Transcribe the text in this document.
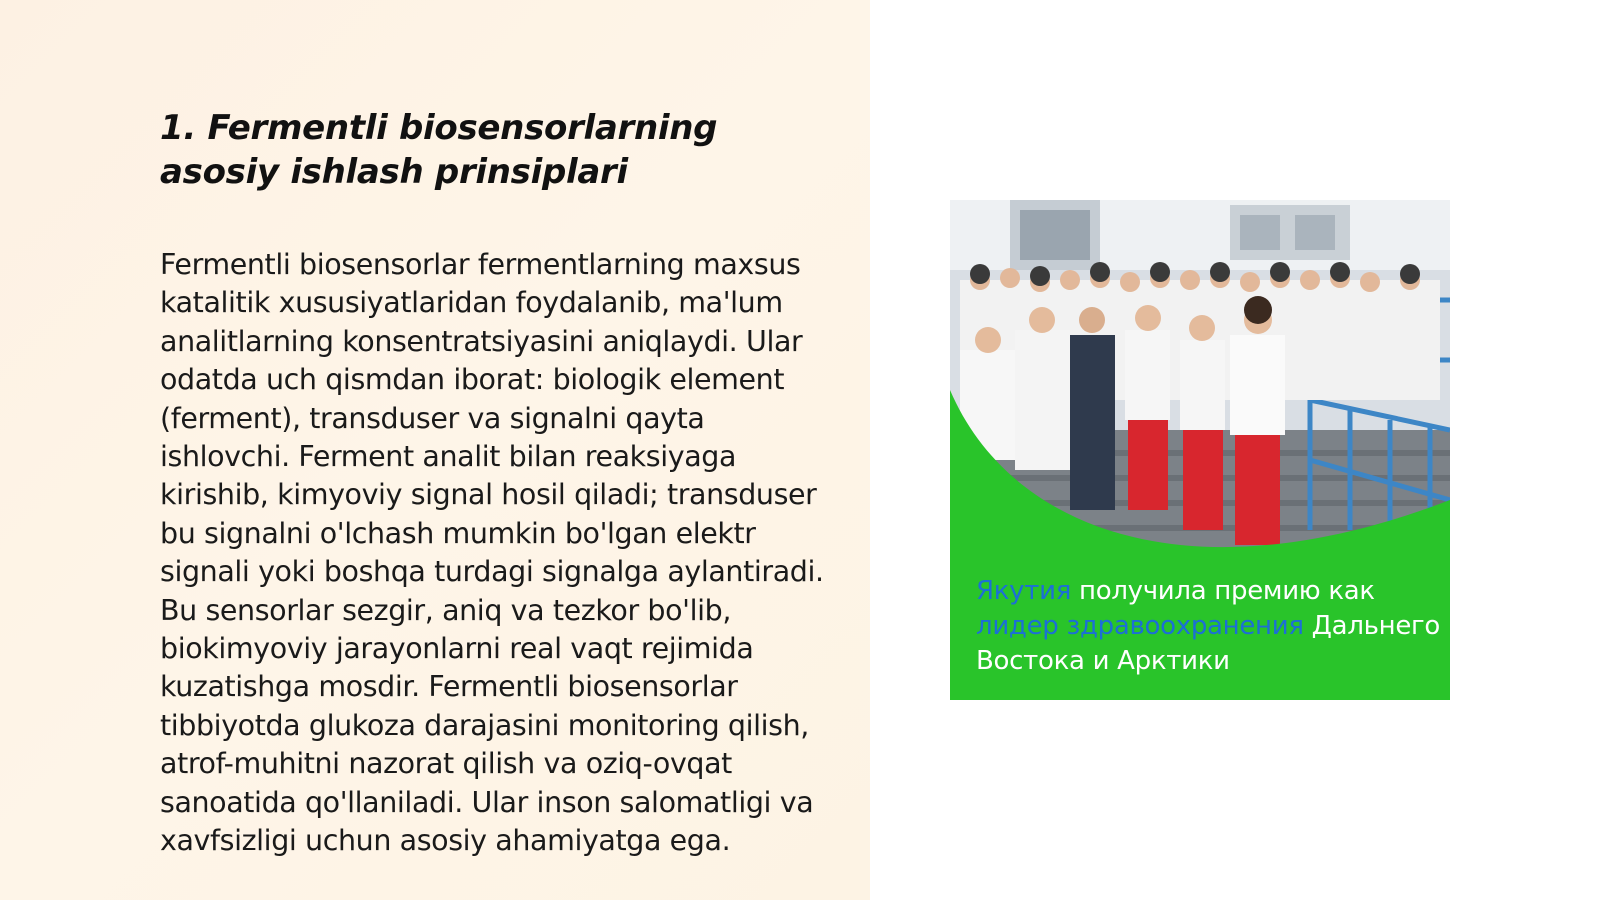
1. Fermentli biosensorlarning asosiy ishlash prinsiplari

Fermentli biosensorlar fermentlarning maxsus katalitik xususiyatlaridan foydalanib, ma'lum analitlarning konsentratsiyasini aniqlaydi. Ular odatda uch qismdan iborat: biologik element (ferment), transduser va signalni qayta ishlovchi. Ferment analit bilan reaksiyaga kirishib, kimyoviy signal hosil qiladi; transduser bu signalni o'lchash mumkin bo'lgan elektr signali yoki boshqa turdagi signalga aylantiradi. Bu sensorlar sezgir, aniq va tezkor bo'lib, biokimyoviy jarayonlarni real vaqt rejimida kuzatishga mosdir. Fermentli biosensorlar tibbiyotda glukoza darajasini monitoring qilish, atrof-muhitni nazorat qilish va oziq-ovqat sanoatida qo'llaniladi. Ular inson salomatligi va xavfsizligi uchun asosiy ahamiyatga ega.

Якутия получила премию как лидер здравоохранения Дальнего Востока и Арктики
